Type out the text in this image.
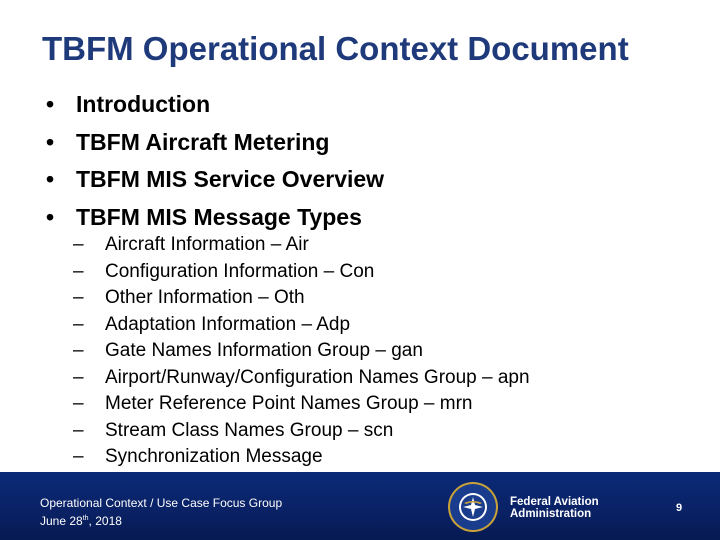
TBFM Operational Context Document
• Introduction
• TBFM Aircraft Metering
• TBFM MIS Service Overview
• TBFM MIS Message Types
– Aircraft Information – Air
– Configuration Information – Con
– Other Information – Oth
– Adaptation Information – Adp
– Gate Names Information Group – gan
– Airport/Runway/Configuration Names Group – apn
– Meter Reference Point Names Group – mrn
– Stream Class Names Group – scn
– Synchronization Message
Operational Context / Use Case Focus Group
June 28th, 2018
Federal Aviation
Administration	9
